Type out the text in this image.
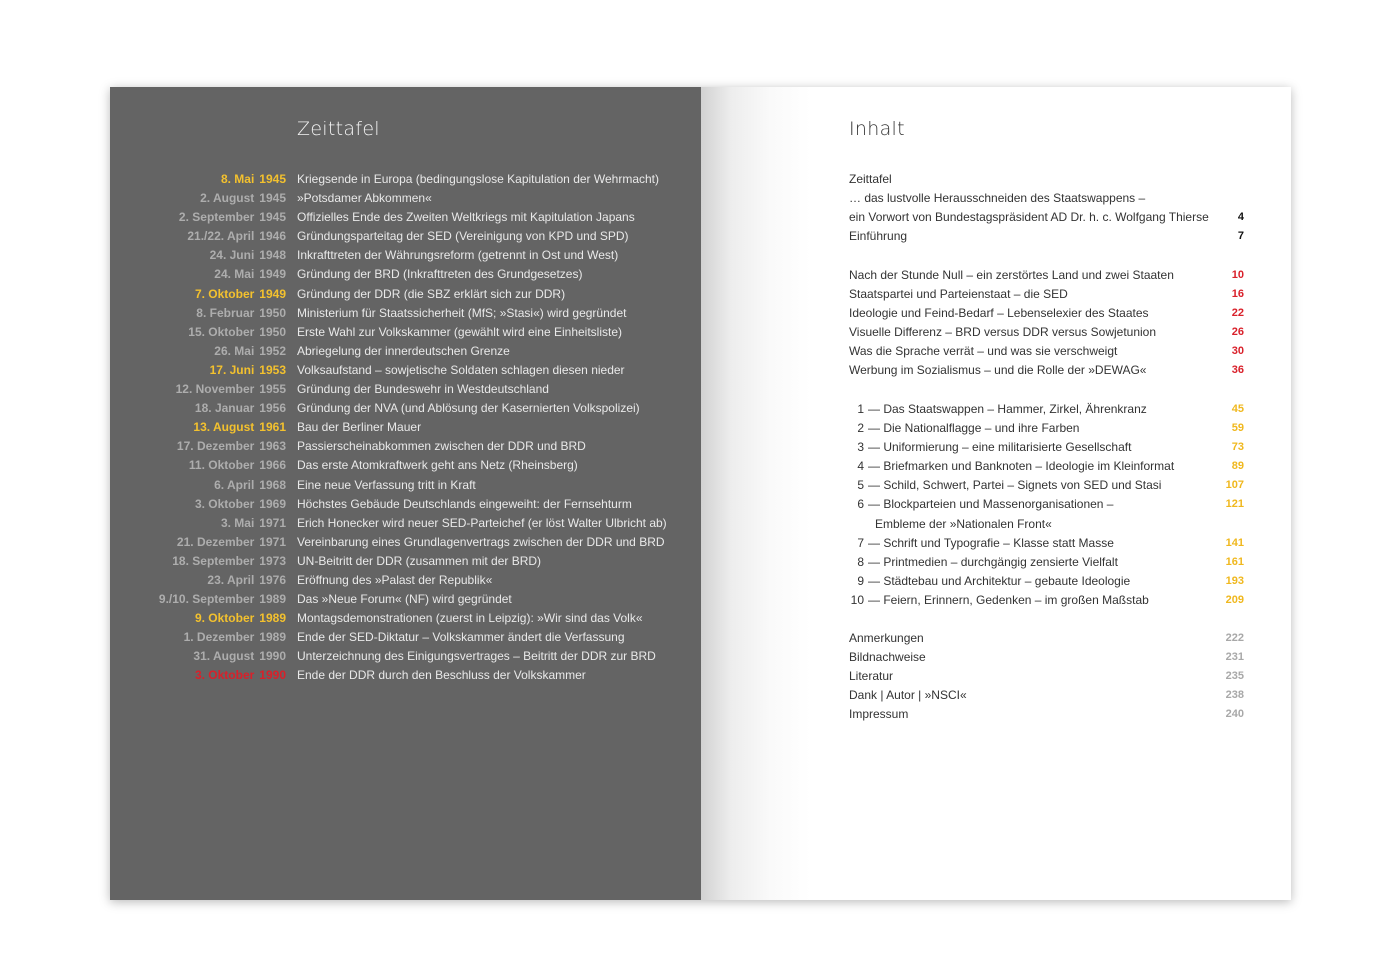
Zeittafel
8. Mai 1945 Kriegsende in Europa (bedingungslose Kapitulation der Wehrmacht)
2. August 1945 »Potsdamer Abkommen«
2. September 1945 Offizielles Ende des Zweiten Weltkriegs mit Kapitulation Japans
21./22. April 1946 Gründungsparteitag der SED (Vereinigung von KPD und SPD)
24. Juni 1948 Inkrafttreten der Währungsreform (getrennt in Ost und West)
24. Mai 1949 Gründung der BRD (Inkrafttreten des Grundgesetzes)
7. Oktober 1949 Gründung der DDR (die SBZ erklärt sich zur DDR)
8. Februar 1950 Ministerium für Staatssicherheit (MfS; »Stasi«) wird gegründet
15. Oktober 1950 Erste Wahl zur Volkskammer (gewählt wird eine Einheitsliste)
26. Mai 1952 Abriegelung der innerdeutschen Grenze
17. Juni 1953 Volksaufstand – sowjetische Soldaten schlagen diesen nieder
12. November 1955 Gründung der Bundeswehr in Westdeutschland
18. Januar 1956 Gründung der NVA (und Ablösung der Kasernierten Volkspolizei)
13. August 1961 Bau der Berliner Mauer
17. Dezember 1963 Passierscheinabkommen zwischen der DDR und BRD
11. Oktober 1966 Das erste Atomkraftwerk geht ans Netz (Rheinsberg)
6. April 1968 Eine neue Verfassung tritt in Kraft
3. Oktober 1969 Höchstes Gebäude Deutschlands eingeweiht: der Fernsehturm
3. Mai 1971 Erich Honecker wird neuer SED-Parteichef (er löst Walter Ulbricht ab)
21. Dezember 1971 Vereinbarung eines Grundlagenvertrags zwischen der DDR und BRD
18. September 1973 UN-Beitritt der DDR (zusammen mit der BRD)
23. April 1976 Eröffnung des »Palast der Republik«
9./10. September 1989 Das »Neue Forum« (NF) wird gegründet
9. Oktober 1989 Montagsdemonstrationen (zuerst in Leipzig): »Wir sind das Volk«
1. Dezember 1989 Ende der SED-Diktatur – Volkskammer ändert die Verfassung
31. August 1990 Unterzeichnung des Einigungsvertrages – Beitritt der DDR zur BRD
3. Oktober 1990 Ende der DDR durch den Beschluss der Volkskammer
Inhalt
Zeittafel
… das lustvolle Herausschneiden des Staatswappens –
ein Vorwort von Bundestagspräsident AD Dr. h. c. Wolfgang Thierse	4
Einführung	7
Nach der Stunde Null – ein zerstörtes Land und zwei Staaten	10
Staatspartei und Parteienstaat – die SED	16
Ideologie und Feind-Bedarf – Lebenselexier des Staates	22
Visuelle Differenz – BRD versus DDR versus Sowjetunion	26
Was die Sprache verrät – und was sie verschweigt	30
Werbung im Sozialismus – und die Rolle der »DEWAG«	36
1 — Das Staatswappen – Hammer, Zirkel, Ährenkranz	45
2 — Die Nationalflagge – und ihre Farben	59
3 — Uniformierung – eine militarisierte Gesellschaft	73
4 — Briefmarken und Banknoten – Ideologie im Kleinformat	89
5 — Schild, Schwert, Partei – Signets von SED und Stasi	107
6 — Blockparteien und Massenorganisationen –	121
Embleme der »Nationalen Front«
7 — Schrift und Typografie – Klasse statt Masse	141
8 — Printmedien – durchgängig zensierte Vielfalt	161
9 — Städtebau und Architektur – gebaute Ideologie	193
10 — Feiern, Erinnern, Gedenken – im großen Maßstab	209
Anmerkungen	222
Bildnachweise	231
Literatur	235
Dank | Autor | »NSCI«	238
Impressum	240
